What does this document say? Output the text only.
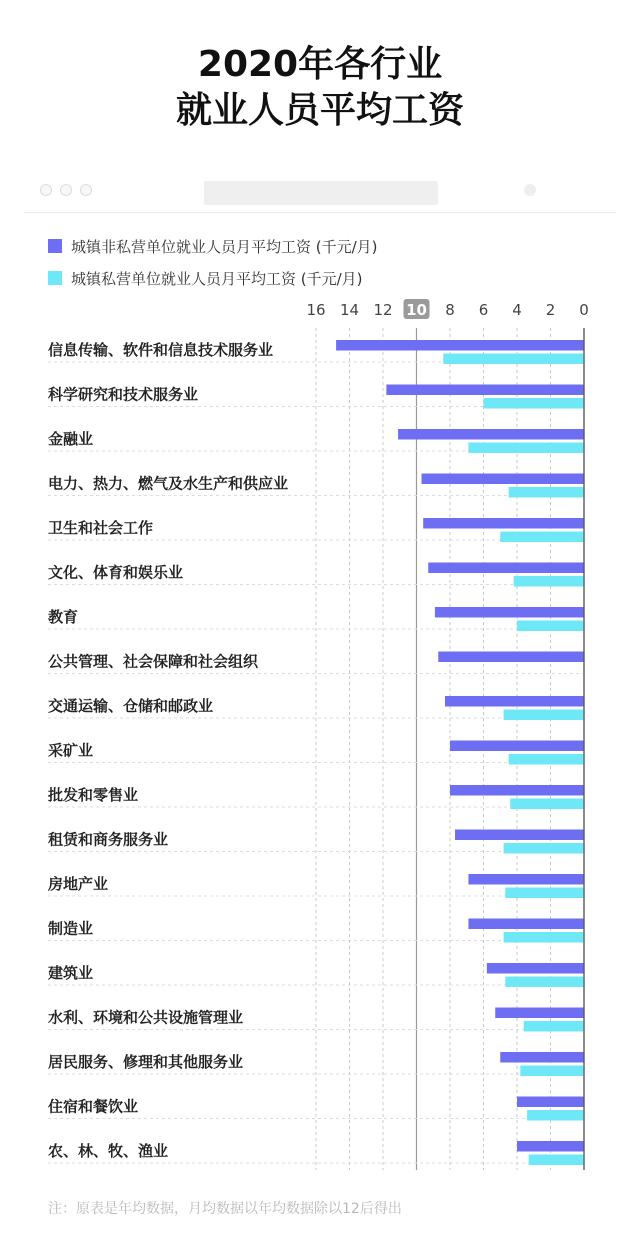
2020年各行业
就业人员平均工资
城镇非私营单位就业人员月平均工资 (千元/月)
城镇私营单位就业人员月平均工资 (千元/月)
16 14 12 10 8 6 4 2 0
信息传输、软件和信息技术服务业
科学研究和技术服务业
金融业
电力、热力、燃气及水生产和供应业
卫生和社会工作
文化、体育和娱乐业
教育
公共管理、社会保障和社会组织
交通运输、仓储和邮政业
采矿业
批发和零售业
租赁和商务服务业
房地产业
制造业
建筑业
水利、环境和公共设施管理业
居民服务、修理和其他服务业
住宿和餐饮业
农、林、牧、渔业
注：原表是年均数据，月均数据以年均数据除以12后得出
